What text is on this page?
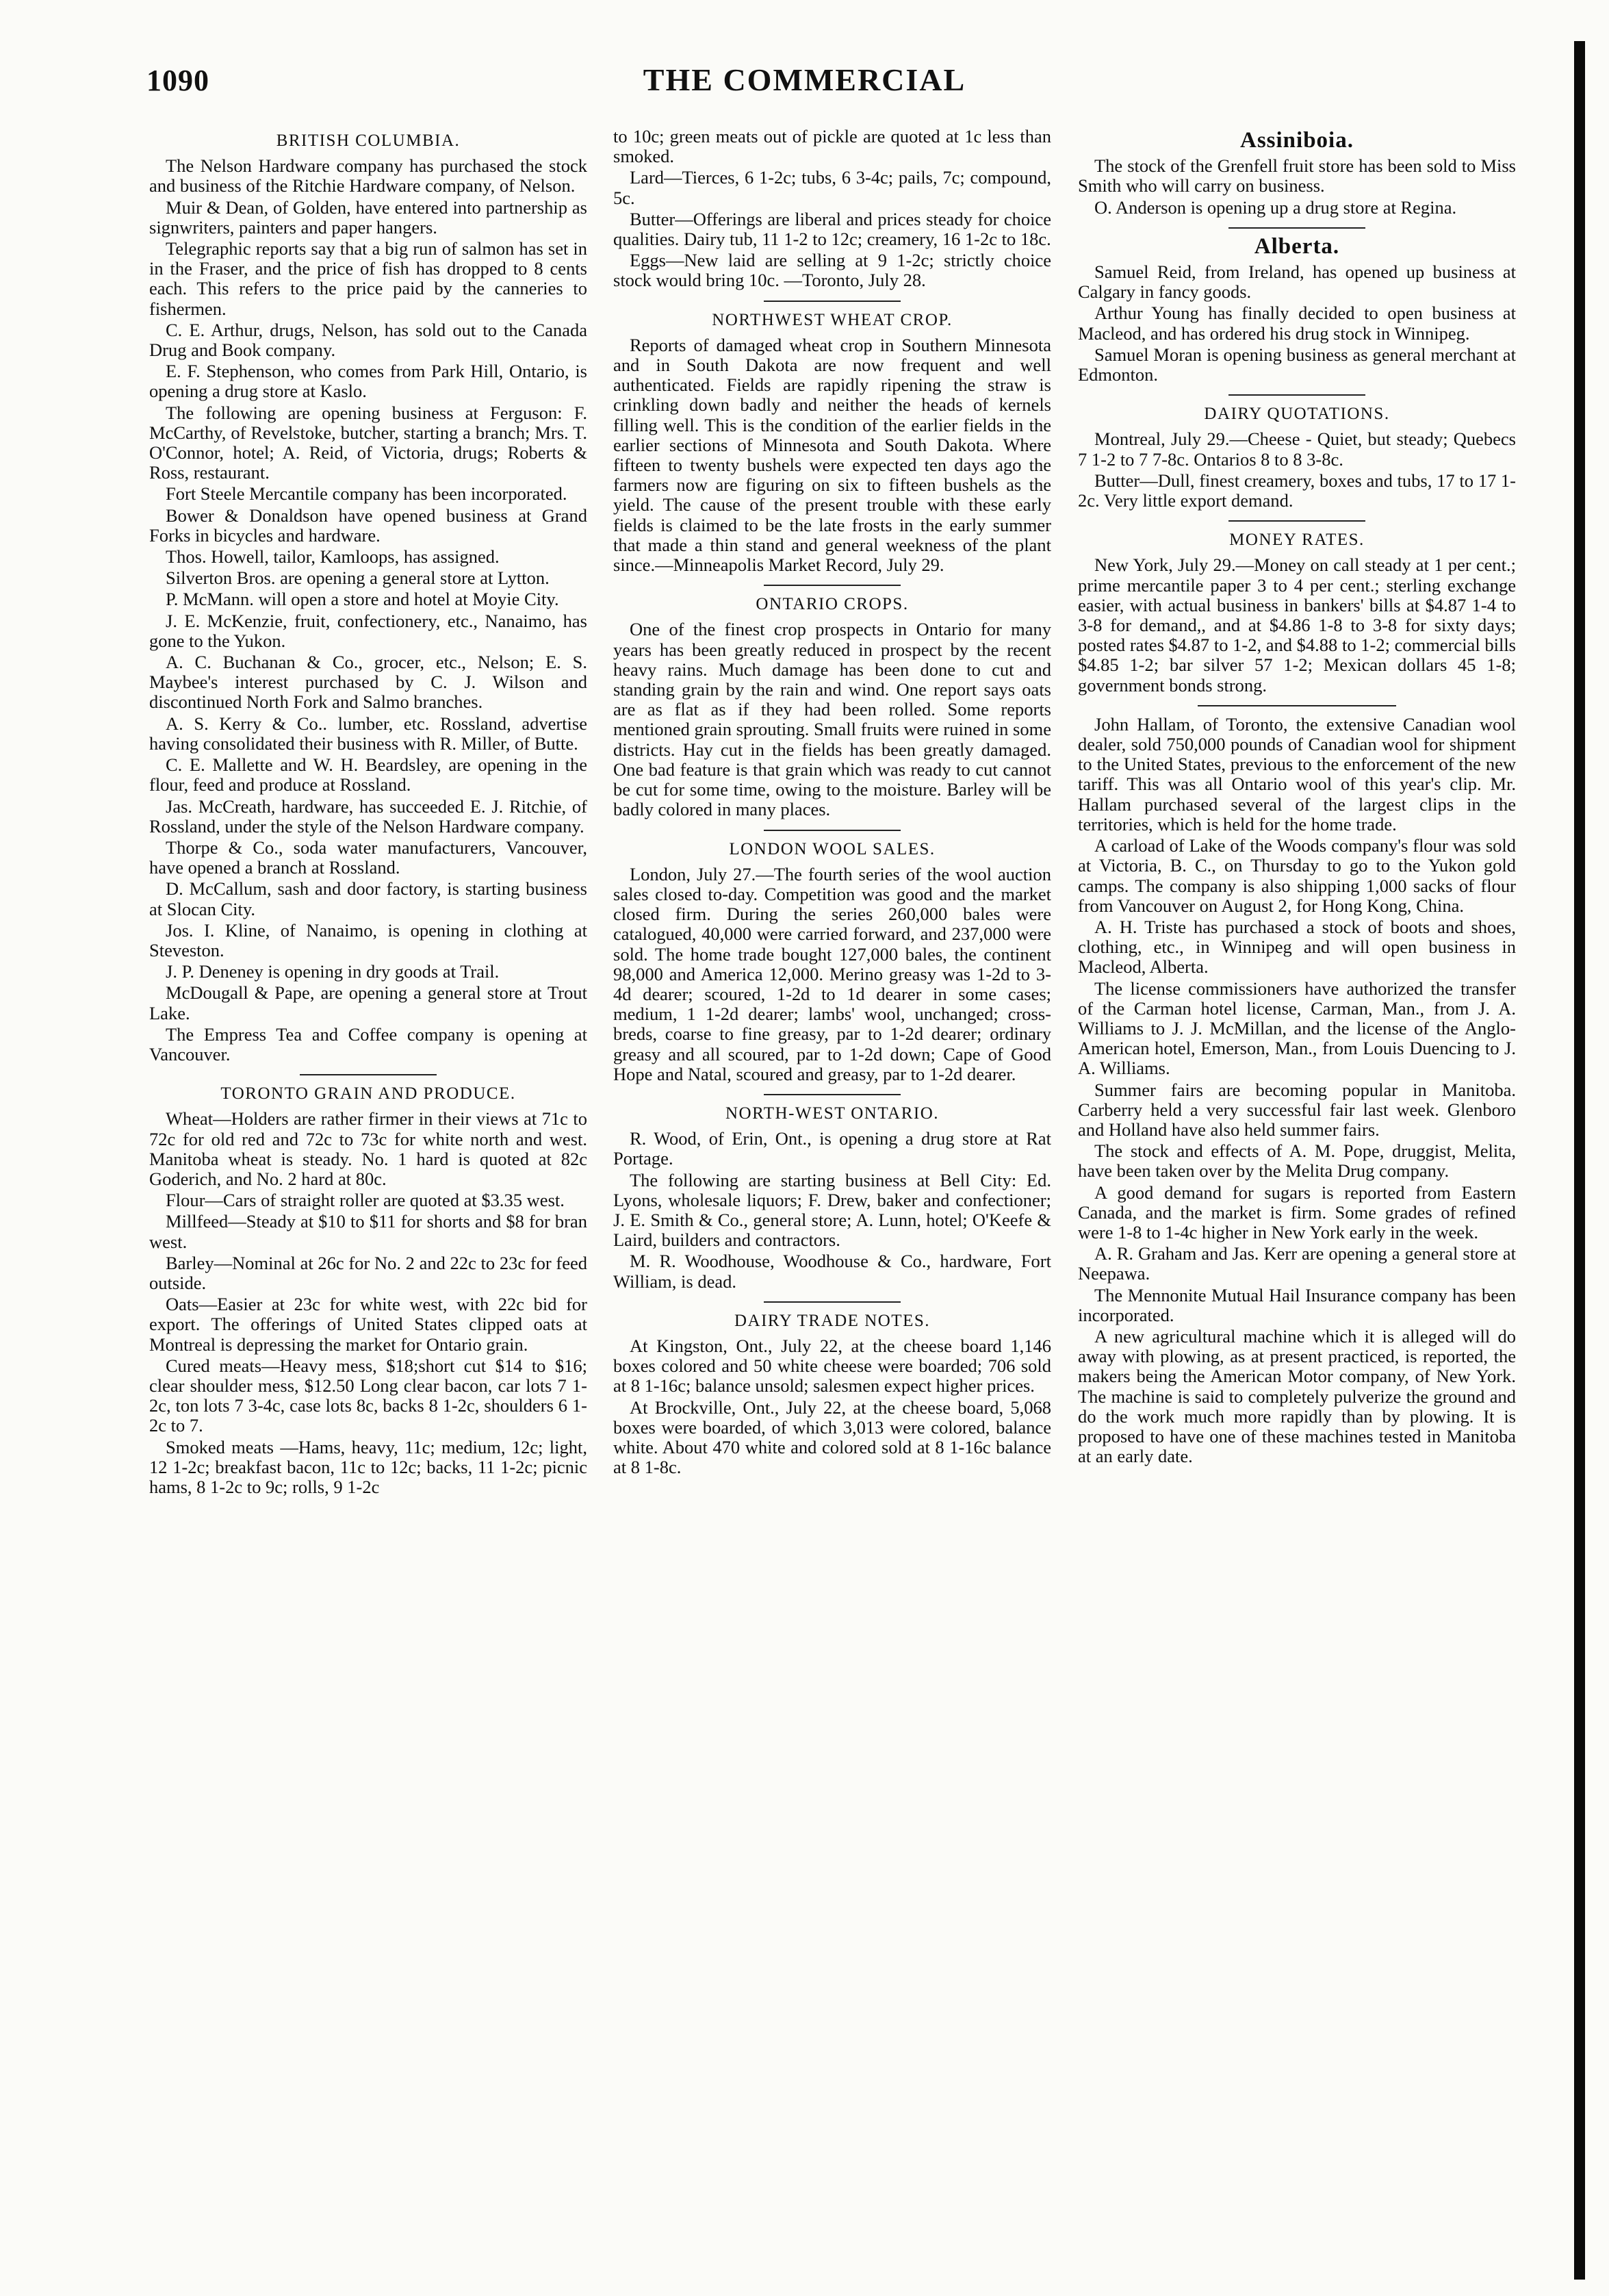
1090	THE COMMERCIAL
BRITISH COLUMBIA.

The Nelson Hardware company has purchased the stock and business of the Ritchie Hardware company, of Nelson.

Muir & Dean, of Golden, have entered into partnership as signwriters, painters and paper hangers.

Telegraphic reports say that a big run of salmon has set in in the Fraser, and the price of fish has dropped to 8 cents each. This refers to the price paid by the canneries to fishermen.

C. E. Arthur, drugs, Nelson, has sold out to the Canada Drug and Book company.

E. F. Stephenson, who comes from Park Hill, Ontario, is opening a drug store at Kaslo.

The following are opening business at Ferguson: F. McCarthy, of Revelstoke, butcher, starting a branch; Mrs. T. O'Connor, hotel; A. Reid, of Victoria, drugs; Roberts & Ross, restaurant.

Fort Steele Mercantile company has been incorporated.

Bower & Donaldson have opened business at Grand Forks in bicycles and hardware.

Thos. Howell, tailor, Kamloops, has assigned.

Silverton Bros. are opening a general store at Lytton.

P. McMann. will open a store and hotel at Moyie City.

J. E. McKenzie, fruit, confectionery, etc., Nanaimo, has gone to the Yukon.

A. C. Buchanan & Co., grocer, etc., Nelson; E. S. Maybee's interest purchased by C. J. Wilson and discontinued North Fork and Salmo branches.

A. S. Kerry & Co.. lumber, etc. Rossland, advertise having consolidated their business with R. Miller, of Butte.

C. E. Mallette and W. H. Beardsley, are opening in the flour, feed and produce at Rossland.

Jas. McCreath, hardware, has succeeded E. J. Ritchie, of Rossland, under the style of the Nelson Hardware company.

Thorpe & Co., soda water manufacturers, Vancouver, have opened a branch at Rossland.

D. McCallum, sash and door factory, is starting business at Slocan City.

Jos. I. Kline, of Nanaimo, is opening in clothing at Steveston.

J. P. Deneney is opening in dry goods at Trail.

McDougall & Pape, are opening a general store at Trout Lake.

The Empress Tea and Coffee company is opening at Vancouver.

TORONTO GRAIN AND PRODUCE.

Wheat—Holders are rather firmer in their views at 71c to 72c for old red and 72c to 73c for white north and west. Manitoba wheat is steady. No. 1 hard is quoted at 82c Goderich, and No. 2 hard at 80c.

Flour—Cars of straight roller are quoted at $3.35 west.

Millfeed—Steady at $10 to $11 for shorts and $8 for bran west.

Barley—Nominal at 26c for No. 2 and 22c to 23c for feed outside.

Oats—Easier at 23c for white west, with 22c bid for export. The offerings of United States clipped oats at Montreal is depressing the market for Ontario grain.

Cured meats—Heavy mess, $18;short cut $14 to $16; clear shoulder mess, $12.50 Long clear bacon, car lots 7 1-2c, ton lots 7 3-4c, case lots 8c, backs 8 1-2c, shoulders 6 1-2c to 7.

Smoked meats —Hams, heavy, 11c; medium, 12c; light, 12 1-2c; breakfast bacon, 11c to 12c; backs, 11 1-2c; picnic hams, 8 1-2c to 9c; rolls, 9 1-2c

to 10c; green meats out of pickle are quoted at 1c less than smoked.

Lard—Tierces, 6 1-2c; tubs, 6 3-4c; pails, 7c; compound, 5c.

Butter—Offerings are liberal and prices steady for choice qualities. Dairy tub, 11 1-2 to 12c; creamery, 16 1-2c to 18c.

Eggs—New laid are selling at 9 1-2c; strictly choice stock would bring 10c. —Toronto, July 28.

NORTHWEST WHEAT CROP.

Reports of damaged wheat crop in Southern Minnesota and in South Dakota are now frequent and well authenticated. Fields are rapidly ripening the straw is crinkling down badly and neither the heads of kernels filling well. This is the condition of the earlier fields in the earlier sections of Minnesota and South Dakota. Where fifteen to twenty bushels were expected ten days ago the farmers now are figuring on six to fifteen bushels as the yield. The cause of the present trouble with these early fields is claimed to be the late frosts in the early summer that made a thin stand and general weekness of the plant since.—Minneapolis Market Record, July 29.

ONTARIO CROPS.

One of the finest crop prospects in Ontario for many years has been greatly reduced in prospect by the recent heavy rains. Much damage has been done to cut and standing grain by the rain and wind. One report says oats are as flat as if they had been rolled. Some reports mentioned grain sprouting. Small fruits were ruined in some districts. Hay cut in the fields has been greatly damaged. One bad feature is that grain which was ready to cut cannot be cut for some time, owing to the moisture. Barley will be badly colored in many places.

LONDON WOOL SALES.

London, July 27.—The fourth series of the wool auction sales closed to-day. Competition was good and the market closed firm. During the series 260,000 bales were catalogued, 40,000 were carried forward, and 237,000 were sold. The home trade bought 127,000 bales, the continent 98,000 and America 12,000. Merino greasy was 1-2d to 3-4d dearer; scoured, 1-2d to 1d dearer in some cases; medium, 1 1-2d dearer; lambs' wool, unchanged; cross-breds, coarse to fine greasy, par to 1-2d dearer; ordinary greasy and all scoured, par to 1-2d down; Cape of Good Hope and Natal, scoured and greasy, par to 1-2d dearer.

NORTH-WEST ONTARIO.

R. Wood, of Erin, Ont., is opening a drug store at Rat Portage.

The following are starting business at Bell City: Ed. Lyons, wholesale liquors; F. Drew, baker and confectioner; J. E. Smith & Co., general store; A. Lunn, hotel; O'Keefe & Laird, builders and contractors.

M. R. Woodhouse, Woodhouse & Co., hardware, Fort William, is dead.

DAIRY TRADE NOTES.

At Kingston, Ont., July 22, at the cheese board 1,146 boxes colored and 50 white cheese were boarded; 706 sold at 8 1-16c; balance unsold; salesmen expect higher prices.

At Brockville, Ont., July 22, at the cheese board, 5,068 boxes were boarded, of which 3,013 were colored, balance white. About 470 white and colored sold at 8 1-16c balance at 8 1-8c.

Assiniboia.

The stock of the Grenfell fruit store has been sold to Miss Smith who will carry on business.

O. Anderson is opening up a drug store at Regina.

Alberta.

Samuel Reid, from Ireland, has opened up business at Calgary in fancy goods.

Arthur Young has finally decided to open business at Macleod, and has ordered his drug stock in Winnipeg.

Samuel Moran is opening business as general merchant at Edmonton.

DAIRY QUOTATIONS.

Montreal, July 29.—Cheese - Quiet, but steady; Quebecs 7 1-2 to 7 7-8c. Ontarios 8 to 8 3-8c.

Butter—Dull, finest creamery, boxes and tubs, 17 to 17 1-2c. Very little export demand.

MONEY RATES.

New York, July 29.—Money on call steady at 1 per cent.; prime mercantile paper 3 to 4 per cent.; sterling exchange easier, with actual business in bankers' bills at $4.87 1-4 to 3-8 for demand,, and at $4.86 1-8 to 3-8 for sixty days; posted rates $4.87 to 1-2, and $4.88 to 1-2; commercial bills $4.85 1-2; bar silver 57 1-2; Mexican dollars 45 1-8; government bonds strong.

John Hallam, of Toronto, the extensive Canadian wool dealer, sold 750,000 pounds of Canadian wool for shipment to the United States, previous to the enforcement of the new tariff. This was all Ontario wool of this year's clip. Mr. Hallam purchased several of the largest clips in the territories, which is held for the home trade.

A carload of Lake of the Woods company's flour was sold at Victoria, B. C., on Thursday to go to the Yukon gold camps. The company is also shipping 1,000 sacks of flour from Vancouver on August 2, for Hong Kong, China.

A. H. Triste has purchased a stock of boots and shoes, clothing, etc., in Winnipeg and will open business in Macleod, Alberta.

The license commissioners have authorized the transfer of the Carman hotel license, Carman, Man., from J. A. Williams to J. J. McMillan, and the license of the Anglo-American hotel, Emerson, Man., from Louis Duencing to J. A. Williams.

Summer fairs are becoming popular in Manitoba. Carberry held a very successful fair last week. Glenboro and Holland have also held summer fairs.

The stock and effects of A. M. Pope, druggist, Melita, have been taken over by the Melita Drug company.

A good demand for sugars is reported from Eastern Canada, and the market is firm. Some grades of refined were 1-8 to 1-4c higher in New York early in the week.

A. R. Graham and Jas. Kerr are opening a general store at Neepawa.

The Mennonite Mutual Hail Insurance company has been incorporated.

A new agricultural machine which it is alleged will do away with plowing, as at present practiced, is reported, the makers being the American Motor company, of New York. The machine is said to completely pulverize the ground and do the work much more rapidly than by plowing. It is proposed to have one of these machines tested in Manitoba at an early date.
